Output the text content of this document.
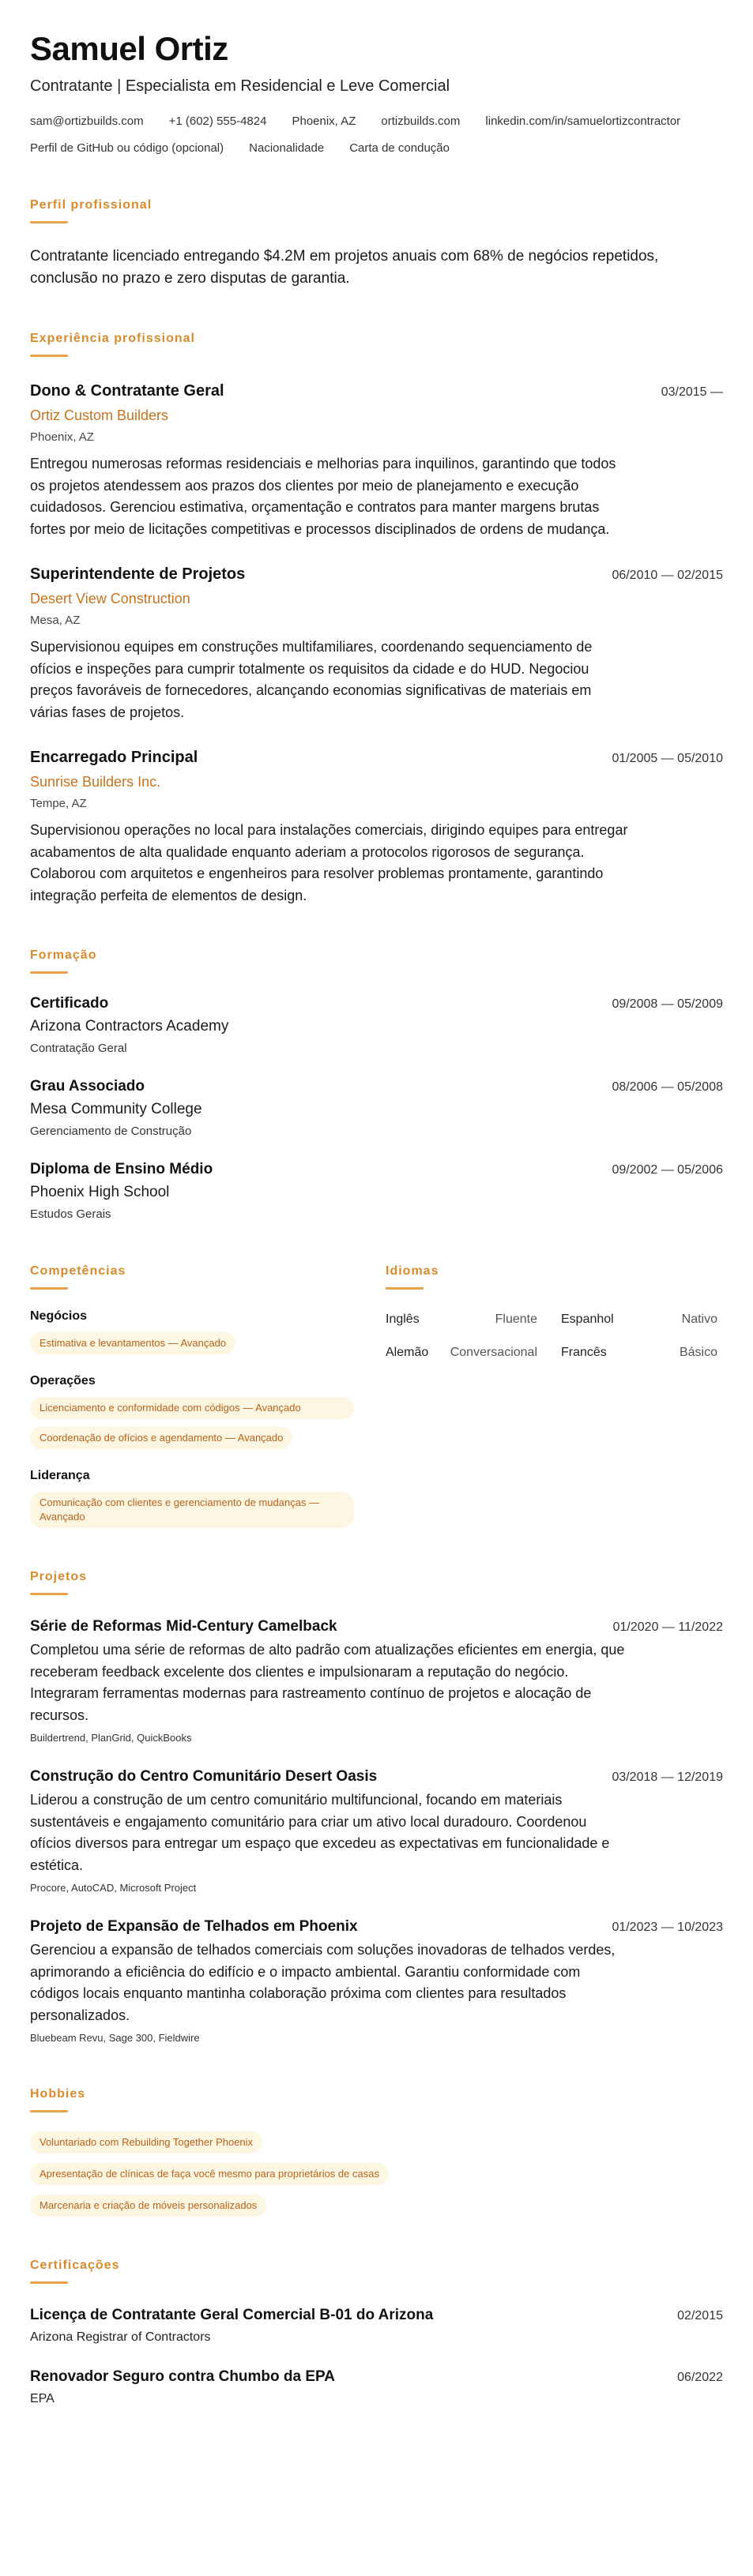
Samuel Ortiz
Contratante | Especialista em Residencial e Leve Comercial
sam@ortizbuilds.com +1 (602) 555-4824 Phoenix, AZ ortizbuilds.com linkedin.com/in/samuelortizcontractor
Perfil de GitHub ou código (opcional) Nacionalidade Carta de condução
Perfil profissional
Contratante licenciado entregando $4.2M em projetos anuais com 68% de negócios repetidos, conclusão no prazo e zero disputas de garantia.
Experiência profissional
Dono & Contratante Geral	03/2015 —
Ortiz Custom Builders
Phoenix, AZ
Entregou numerosas reformas residenciais e melhorias para inquilinos, garantindo que todos os projetos atendessem aos prazos dos clientes por meio de planejamento e execução cuidadosos. Gerenciou estimativa, orçamentação e contratos para manter margens brutas fortes por meio de licitações competitivas e processos disciplinados de ordens de mudança.
Superintendente de Projetos	06/2010 — 02/2015
Desert View Construction
Mesa, AZ
Supervisionou equipes em construções multifamiliares, coordenando sequenciamento de ofícios e inspeções para cumprir totalmente os requisitos da cidade e do HUD. Negociou preços favoráveis de fornecedores, alcançando economias significativas de materiais em várias fases de projetos.
Encarregado Principal	01/2005 — 05/2010
Sunrise Builders Inc.
Tempe, AZ
Supervisionou operações no local para instalações comerciais, dirigindo equipes para entregar acabamentos de alta qualidade enquanto aderiam a protocolos rigorosos de segurança. Colaborou com arquitetos e engenheiros para resolver problemas prontamente, garantindo integração perfeita de elementos de design.
Formação
Certificado	09/2008 — 05/2009
Arizona Contractors Academy
Contratação Geral
Grau Associado	08/2006 — 05/2008
Mesa Community College
Gerenciamento de Construção
Diploma de Ensino Médio	09/2002 — 05/2006
Phoenix High School
Estudos Gerais
Competências
Negócios
Estimativa e levantamentos — Avançado
Operações
Licenciamento e conformidade com códigos — Avançado
Coordenação de ofícios e agendamento — Avançado
Liderança
Comunicação com clientes e gerenciamento de mudanças — Avançado
Idiomas
Inglês	Fluente Espanhol	Nativo
Alemão Conversacional Francês	Básico
Projetos
Série de Reformas Mid-Century Camelback	01/2020 — 11/2022
Completou uma série de reformas de alto padrão com atualizações eficientes em energia, que receberam feedback excelente dos clientes e impulsionaram a reputação do negócio. Integraram ferramentas modernas para rastreamento contínuo de projetos e alocação de recursos.
Buildertrend, PlanGrid, QuickBooks
Construção do Centro Comunitário Desert Oasis	03/2018 — 12/2019
Liderou a construção de um centro comunitário multifuncional, focando em materiais sustentáveis e engajamento comunitário para criar um ativo local duradouro. Coordenou ofícios diversos para entregar um espaço que excedeu as expectativas em funcionalidade e estética.
Procore, AutoCAD, Microsoft Project
Projeto de Expansão de Telhados em Phoenix	01/2023 — 10/2023
Gerenciou a expansão de telhados comerciais com soluções inovadoras de telhados verdes, aprimorando a eficiência do edifício e o impacto ambiental. Garantiu conformidade com códigos locais enquanto mantinha colaboração próxima com clientes para resultados personalizados.
Bluebeam Revu, Sage 300, Fieldwire
Hobbies
Voluntariado com Rebuilding Together Phoenix
Apresentação de clínicas de faça você mesmo para proprietários de casas
Marcenaria e criação de móveis personalizados
Certificações
Licença de Contratante Geral Comercial B-01 do Arizona	02/2015
Arizona Registrar of Contractors
Renovador Seguro contra Chumbo da EPA	06/2022
EPA
